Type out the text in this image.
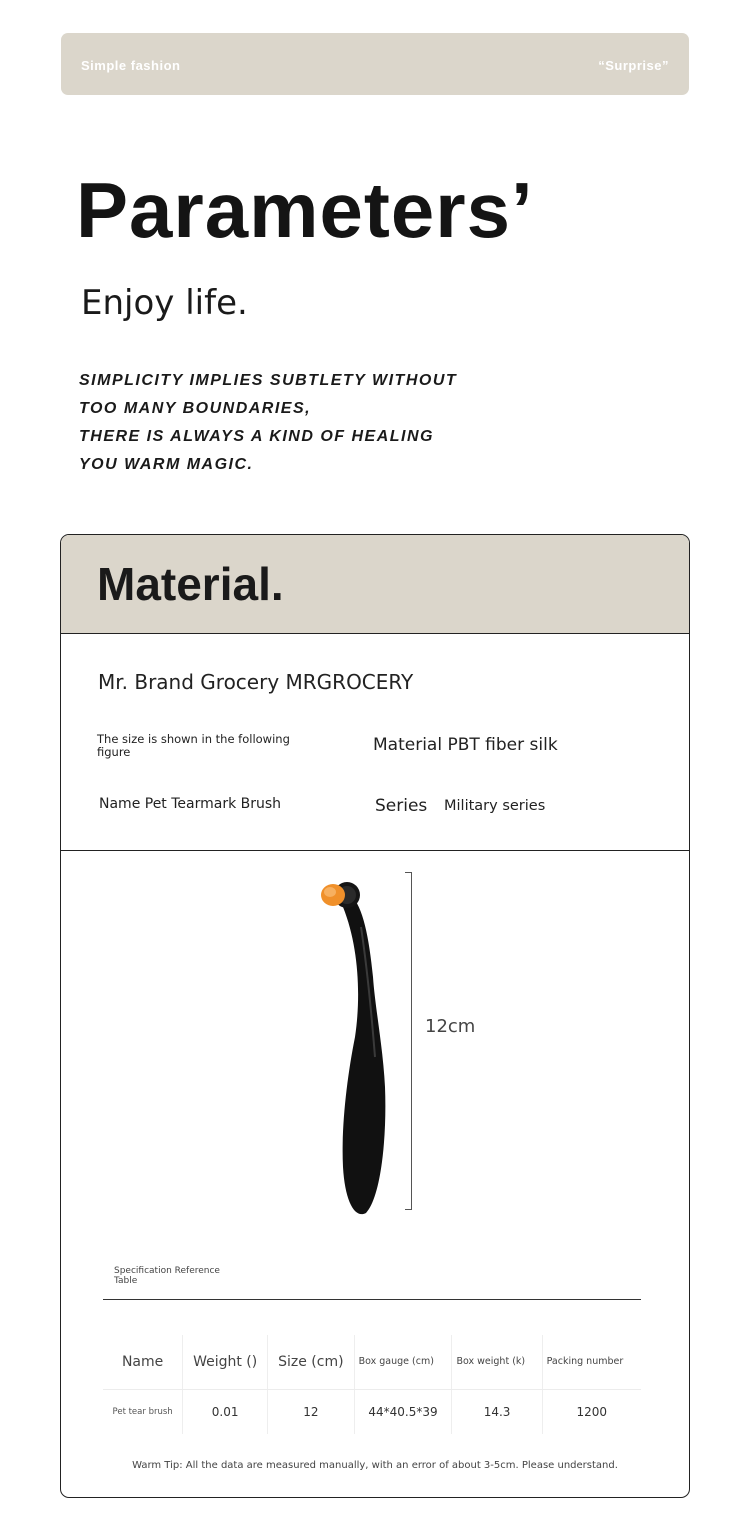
Simple fashion	“Surprise”
Parameters’
Enjoy life.
SIMPLICITY IMPLIES SUBTLETY WITHOUT
TOO MANY BOUNDARIES,
THERE IS ALWAYS A KIND OF HEALING
YOU WARM MAGIC.
Material.
Mr. Brand Grocery MRGROCERY
The size is shown in the following figure	Material PBT fiber silk
Name Pet Tearmark Brush	Series Military series
12cm
Specification Reference Table
Name	Weight ()	Size (cm)	Box gauge (cm)	Box weight (k)	Packing number
Pet tear brush	0.01	12	44*40.5*39	14.3	1200
Warm Tip: All the data are measured manually, with an error of about 3-5cm. Please understand.
